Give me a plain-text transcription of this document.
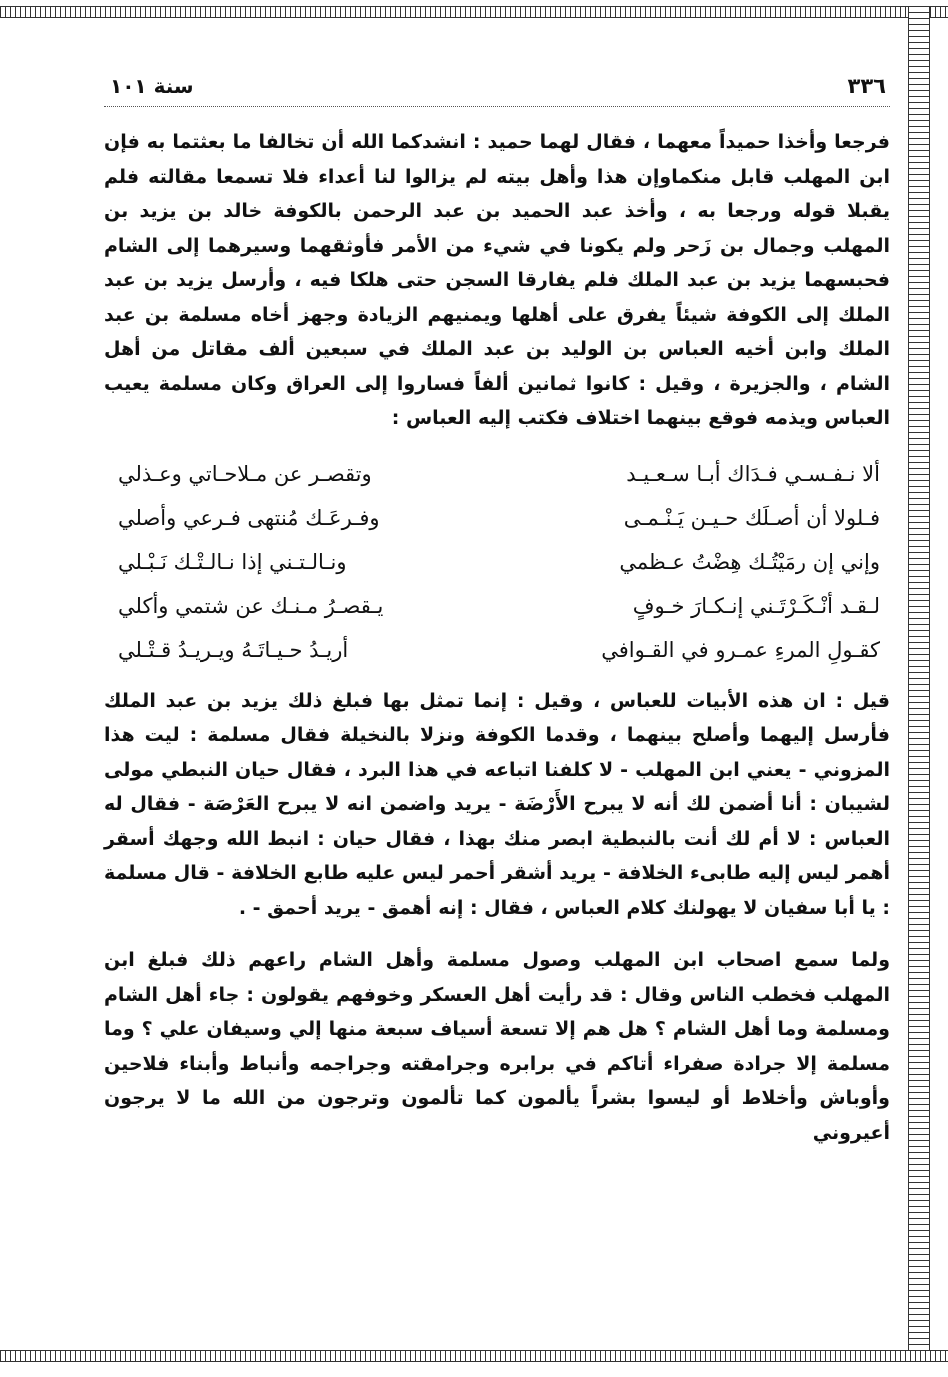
٣٣٦
سنة ١٠١

فرجعا وأخذا حميداً معهما ، فقال لهما حميد : انشدكما الله أن تخالفا ما بعثتما به فإن ابن المهلب قابل منكماوإن هذا وأهل بيته لم يزالوا لنا أعداء فلا تسمعا مقالته فلم يقبلا قوله ورجعا به ، وأخذ عبد الحميد بن عبد الرحمن بالكوفة خالد بن يزيد بن المهلب وجمال بن زَحر ولم يكونا في شيء من الأمر فأوثقهما وسيرهما إلى الشام فحبسهما يزيد بن عبد الملك فلم يفارقا السجن حتى هلكا فيه ، وأرسل يزيد بن عبد الملك إلى الكوفة شيئاً يفرق على أهلها ويمنيهم الزيادة وجهز أخاه مسلمة بن عبد الملك وابن أخيه العباس بن الوليد بن عبد الملك في سبعين ألف مقاتل من أهل الشام ، والجزيرة ، وقيل : كانوا ثمانين ألفاً فساروا إلى العراق وكان مسلمة يعيب العباس ويذمه فوقع بينهما اختلاف فكتب إليه العباس :

ألا نـفـسـي فـدَاك أبـا سـعـيـد
وتقصـر عن مـلاحـاتي وعـذلي
فـلولا أن أصـلَك حـيـن يَـنْـمـى
وفـرعَـك مُنتهى فـرعي وأصلي
وإني إن رمَيْتُـك هِضْتُ عـظمي
ونـالـتـني إذا نـالـتْـك نَـبْـلي
لـقـد أنْـكَـرْتَـني إنـكـارَ خـوفٍ
يـقصـرُ مـنـك عن شتمي وأكلي
كقـولِ المرءِ عمـرو في القـوافي
أريـدُ حـيـاتَـهُ ويـريـدُ قـتْـلي

قيل : ان هذه الأبيات للعباس ، وقيل : إنما تمثل بها فبلغ ذلك يزيد بن عبد الملك فأرسل إليهما وأصلح بينهما ، وقدما الكوفة ونزلا بالنخيلة فقال مسلمة : ليت هذا المزوني - يعني ابن المهلب - لا كلفنا اتباعه في هذا البرد ، فقال حيان النبطي مولى لشيبان : أنا أضمن لك أنه لا يبرح الأَرْضَة - يريد واضمن انه لا يبرح العَرْصَة - فقال له العباس : لا أم لك أنت بالنبطية ابصر منك بهذا ، فقال حيان : انبط الله وجهك أسقر أهمر ليس إليه طابىء الخلافة - يريد أشقر أحمر ليس عليه طابع الخلافة - قال مسلمة : يا أبا سفيان لا يهولنك كلام العباس ، فقال : إنه أهمق - يريد أحمق - .

ولما سمع اصحاب ابن المهلب وصول مسلمة وأهل الشام راعهم ذلك فبلغ ابن المهلب فخطب الناس وقال : قد رأيت أهل العسكر وخوفهم يقولون : جاء أهل الشام ومسلمة وما أهل الشام ؟ هل هم إلا تسعة أسياف سبعة منها إلي وسيفان علي ؟ وما مسلمة إلا جرادة صفراء أتاكم في برابره وجرامقته وجراجمه وأنباط وأبناء فلاحين وأوباش وأخلاط أو ليسوا بشراً يألمون كما تألمون وترجون من الله ما لا يرجون أعيروني
